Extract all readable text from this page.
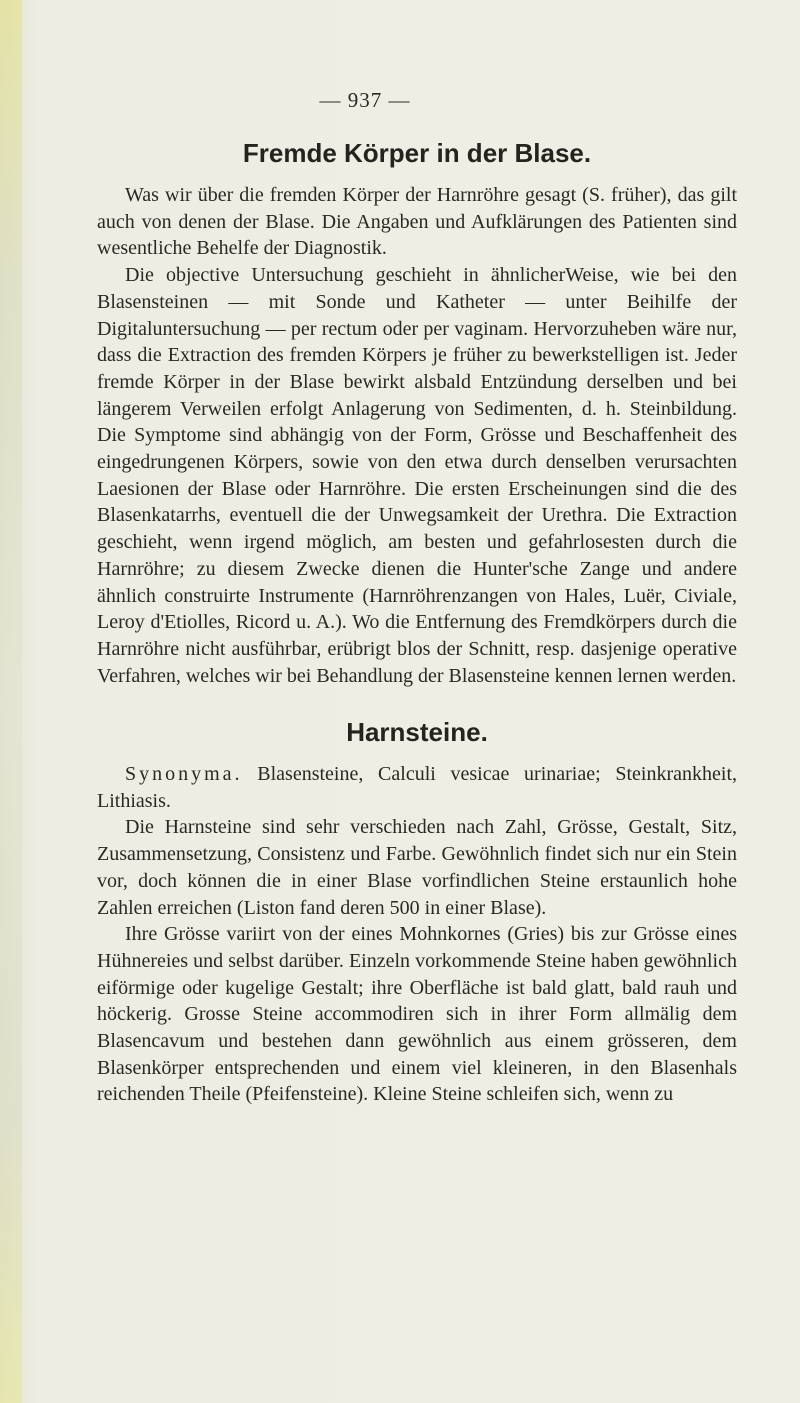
— 937 —
Fremde Körper in der Blase.

Was wir über die fremden Körper der Harnröhre gesagt (S. früher), das gilt auch von denen der Blase. Die Angaben und Aufklärungen des Patienten sind wesentliche Behelfe der Diagnostik.

Die objective Untersuchung geschieht in ähnlicherWeise, wie bei den Blasensteinen — mit Sonde und Katheter — unter Beihilfe der Digitaluntersuchung — per rectum oder per vaginam. Hervorzuheben wäre nur, dass die Extraction des fremden Körpers je früher zu bewerkstelligen ist. Jeder fremde Körper in der Blase bewirkt alsbald Entzündung derselben und bei längerem Verweilen erfolgt Anlagerung von Sedimenten, d. h. Steinbildung. Die Symptome sind abhängig von der Form, Grösse und Beschaffenheit des eingedrungenen Körpers, sowie von den etwa durch denselben verursachten Laesionen der Blase oder Harnröhre. Die ersten Erscheinungen sind die des Blasenkatarrhs, eventuell die der Unwegsamkeit der Urethra. Die Extraction geschieht, wenn irgend möglich, am besten und gefahrlosesten durch die Harnröhre; zu diesem Zwecke dienen die Hunter'sche Zange und andere ähnlich construirte Instrumente (Harnröhrenzangen von Hales, Luër, Civiale, Leroy d'Etiolles, Ricord u. A.). Wo die Entfernung des Fremdkörpers durch die Harnröhre nicht ausführbar, erübrigt blos der Schnitt, resp. dasjenige operative Verfahren, welches wir bei Behandlung der Blasensteine kennen lernen werden.

Harnsteine.

Synonyma. Blasensteine, Calculi vesicae urinariae; Steinkrankheit, Lithiasis.

Die Harnsteine sind sehr verschieden nach Zahl, Grösse, Gestalt, Sitz, Zusammensetzung, Consistenz und Farbe. Gewöhnlich findet sich nur ein Stein vor, doch können die in einer Blase vorfindlichen Steine erstaunlich hohe Zahlen erreichen (Liston fand deren 500 in einer Blase).

Ihre Grösse variirt von der eines Mohnkornes (Gries) bis zur Grösse eines Hühnereies und selbst darüber. Einzeln vorkommende Steine haben gewöhnlich eiförmige oder kugelige Gestalt; ihre Oberfläche ist bald glatt, bald rauh und höckerig. Grosse Steine accommodiren sich in ihrer Form allmälig dem Blasencavum und bestehen dann gewöhnlich aus einem grösseren, dem Blasenkörper entsprechenden und einem viel kleineren, in den Blasenhals reichenden Theile (Pfeifensteine). Kleine Steine schleifen sich, wenn zu
